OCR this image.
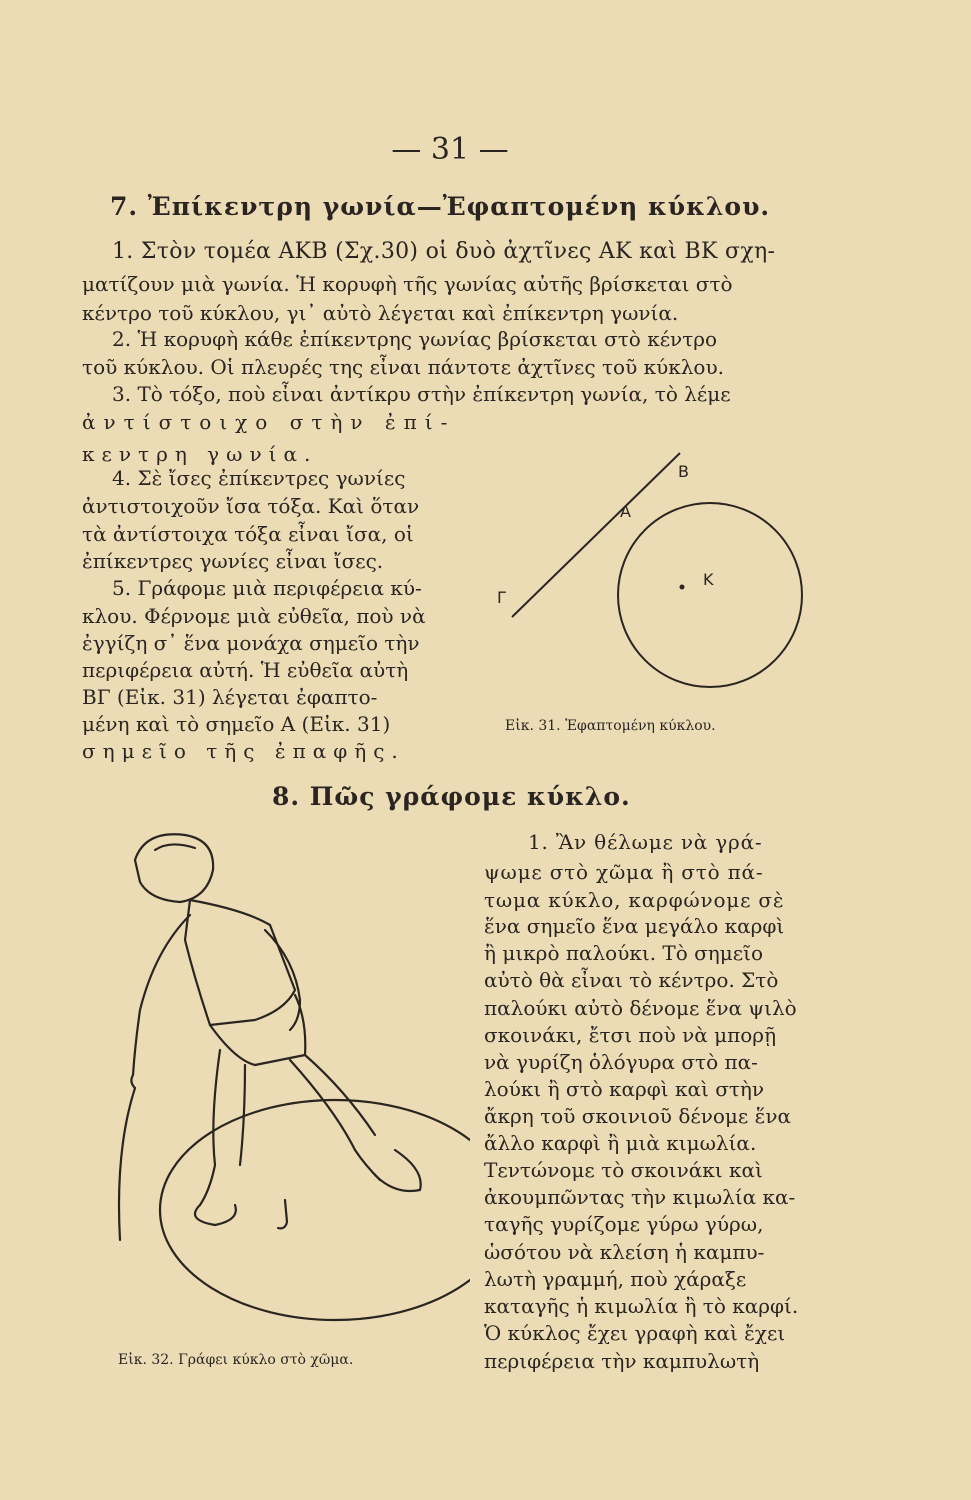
— 31 —
7. Ἐπίκεντρη γωνία—Ἐφαπτομένη κύκλου.
1. Στὸν τομέα ΑΚΒ (Σχ.30) οἱ δυὸ ἀχτῖνες ΑΚ καὶ ΒΚ σχη-
ματίζουν μιὰ γωνία. Ἡ κορυφὴ τῆς γωνίας αὐτῆς βρίσκεται στὸ
κέντρο τοῦ κύκλου, γι᾽ αὐτὸ λέγεται καὶ ἐπίκεντρη γωνία.
2. Ἡ κορυφὴ κάθε ἐπίκεντρης γωνίας βρίσκεται στὸ κέντρο
τοῦ κύκλου. Οἱ πλευρές της εἶναι πάντοτε ἀχτῖνες τοῦ κύκλου.
3. Τὸ τόξο, ποὺ εἶναι ἀντίκρυ στὴν ἐπίκεντρη γωνία, τὸ λέμε
ἀντίστοιχο στὴν ἐπί-
κεντρη γωνία.
4. Σὲ ἴσες ἐπίκεντρες γωνίες
ἀντιστοιχοῦν ἴσα τόξα. Καὶ ὅταν
τὰ ἀντίστοιχα τόξα εἶναι ἴσα, οἱ
ἐπίκεντρες γωνίες εἶναι ἴσες.
5. Γράφομε μιὰ περιφέρεια κύ-
κλου. Φέρνομε μιὰ εὐθεῖα, ποὺ νὰ
ἐγγίζη σ᾽ ἕνα μονάχα σημεῖο τὴν
περιφέρεια αὐτή. Ἡ εὐθεῖα αὐτὴ
ΒΓ (Εἰκ. 31) λέγεται ἐφαπτο-
μένη καὶ τὸ σημεῖο Α (Εἰκ. 31)
σημεῖο τῆς ἐπαφῆς.
Β
Α
Κ
Γ
Εἰκ. 31. Ἐφαπτομένη κύκλου.
8. Πῶς γράφομε κύκλο.
Εἰκ. 32. Γράφει κύκλο στὸ χῶμα.
1. Ἂν θέλωμε νὰ γρά-
ψωμε στὸ χῶμα ἢ στὸ πά-
τωμα κύκλο, καρφώνομε σὲ
ἕνα σημεῖο ἕνα μεγάλο καρφὶ
ἢ μικρὸ παλούκι. Τὸ σημεῖο
αὐτὸ θὰ εἶναι τὸ κέντρο. Στὸ
παλούκι αὐτὸ δένομε ἕνα ψιλὸ
σκοινάκι, ἔτσι ποὺ νὰ μπορῇ
νὰ γυρίζη ὁλόγυρα στὸ πα-
λούκι ἢ στὸ καρφὶ καὶ στὴν
ἄκρη τοῦ σκοινιοῦ δένομε ἕνα
ἄλλο καρφὶ ἢ μιὰ κιμωλία.
Τεντώνομε τὸ σκοινάκι καὶ
ἀκουμπῶντας τὴν κιμωλία κα-
ταγῆς γυρίζομε γύρω γύρω,
ὡσότου νὰ κλείση ἡ καμπυ-
λωτὴ γραμμή, ποὺ χάραξε
καταγῆς ἡ κιμωλία ἢ τὸ καρφί.
Ὁ κύκλος ἔχει γραφὴ καὶ ἔχει
περιφέρεια τὴν καμπυλωτὴ
